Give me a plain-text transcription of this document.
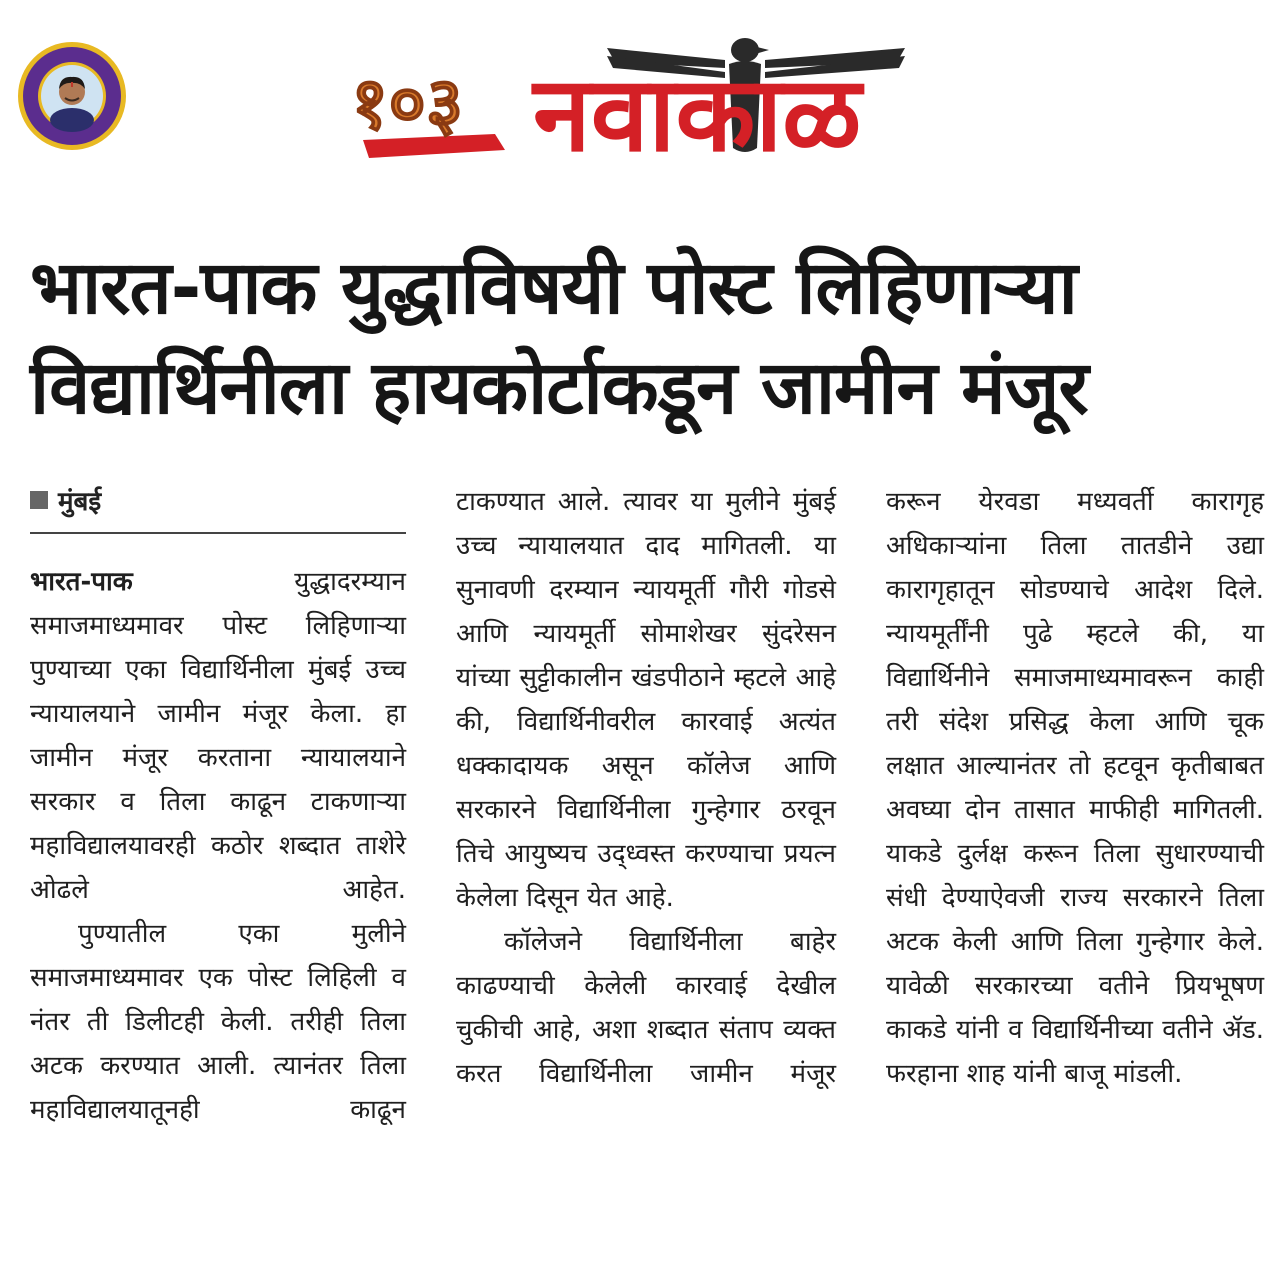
१०३ नवाकाळ
भारत-पाक युद्धाविषयी पोस्ट लिहिणाऱ्या
विद्यार्थिनीला हायकोर्टाकडून जामीन मंजूर
मुंबई

भारत-पाक युद्धादरम्यान समाजमाध्यमावर पोस्ट लिहिणाऱ्या पुण्याच्या एका विद्यार्थिनीला मुंबई उच्च न्यायालयाने जामीन मंजूर केला. हा जामीन मंजूर करताना न्यायालयाने सरकार व तिला काढून टाकणाऱ्या महाविद्यालयावरही कठोर शब्दात ताशेरे ओढले आहेत.

पुण्यातील एका मुलीने समाजमाध्यमावर एक पोस्ट लिहिली व नंतर ती डिलीटही केली. तरीही तिला अटक करण्यात आली. त्यानंतर तिला महाविद्यालयातूनही काढून

टाकण्यात आले. त्यावर या मुलीने मुंबई उच्च न्यायालयात दाद मागितली. या सुनावणी दरम्यान न्यायमूर्ती गौरी गोडसे आणि न्यायमूर्ती सोमाशेखर सुंदरेसन यांच्या सुट्टीकालीन खंडपीठाने म्हटले आहे की, विद्यार्थिनीवरील कारवाई अत्यंत धक्कादायक असून कॉलेज आणि सरकारने विद्यार्थिनीला गुन्हेगार ठरवून तिचे आयुष्यच उद्ध्वस्त करण्याचा प्रयत्न केलेला दिसून येत आहे.

कॉलेजने विद्यार्थिनीला बाहेर काढण्याची केलेली कारवाई देखील चुकीची आहे, अशा शब्दात संताप व्यक्त करत विद्यार्थिनीला जामीन मंजूर

करून येरवडा मध्यवर्ती कारागृह अधिकाऱ्यांना तिला तातडीने उद्या कारागृहातून सोडण्याचे आदेश दिले. न्यायमूर्तींनी पुढे म्हटले की, या विद्यार्थिनीने समाजमाध्यमावरून काही तरी संदेश प्रसिद्ध केला आणि चूक लक्षात आल्यानंतर तो हटवून कृतीबाबत अवघ्या दोन तासात माफीही मागितली. याकडे दुर्लक्ष करून तिला सुधारण्याची संधी देण्याऐवजी राज्य सरकारने तिला अटक केली आणि तिला गुन्हेगार केले. यावेळी सरकारच्या वतीने प्रियभूषण काकडे यांनी व विद्यार्थिनीच्या वतीने ॲड. फरहाना शाह यांनी बाजू मांडली.
